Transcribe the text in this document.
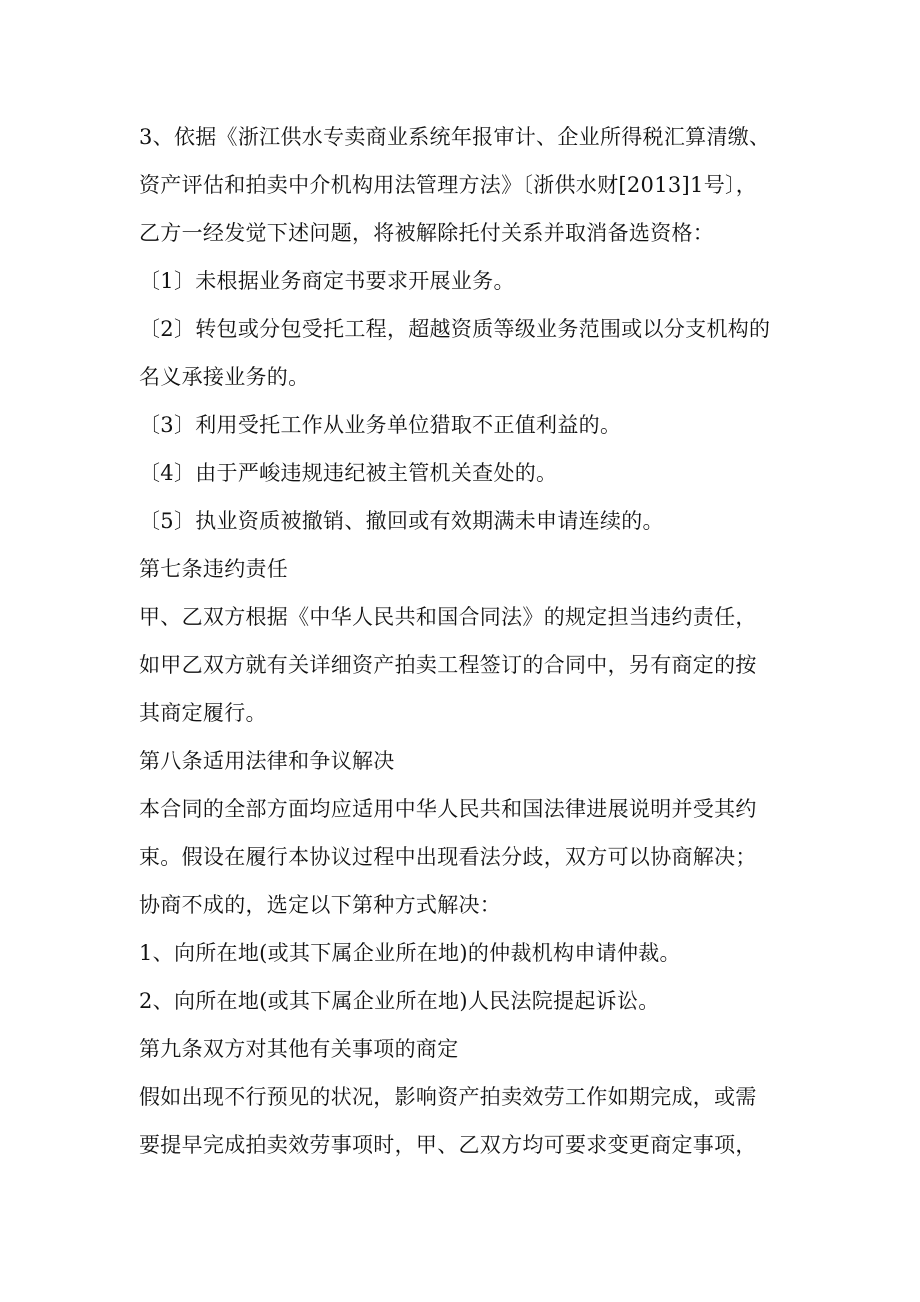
3、依据《浙江供水专卖商业系统年报审计、企业所得税汇算清缴、
资产评估和拍卖中介机构用法管理方法》〔浙供水财[2013]1号〕，
乙方一经发觉下述问题，将被解除托付关系并取消备选资格：
〔1〕未根据业务商定书要求开展业务。
〔2〕转包或分包受托工程，超越资质等级业务范围或以分支机构的
名义承接业务的。
〔3〕利用受托工作从业务单位猎取不正值利益的。
〔4〕由于严峻违规违纪被主管机关查处的。
〔5〕执业资质被撤销、撤回或有效期满未申请连续的。
第七条违约责任
甲、乙双方根据《中华人民共和国合同法》的规定担当违约责任，
如甲乙双方就有关详细资产拍卖工程签订的合同中，另有商定的按
其商定履行。
第八条适用法律和争议解决
本合同的全部方面均应适用中华人民共和国法律进展说明并受其约
束。假设在履行本协议过程中出现看法分歧，双方可以协商解决；
协商不成的，选定以下第种方式解决：
1、向所在地(或其下属企业所在地)的仲裁机构申请仲裁。
2、向所在地(或其下属企业所在地)人民法院提起诉讼。
第九条双方对其他有关事项的商定
假如出现不行预见的状况，影响资产拍卖效劳工作如期完成，或需
要提早完成拍卖效劳事项时，甲、乙双方均可要求变更商定事项，
